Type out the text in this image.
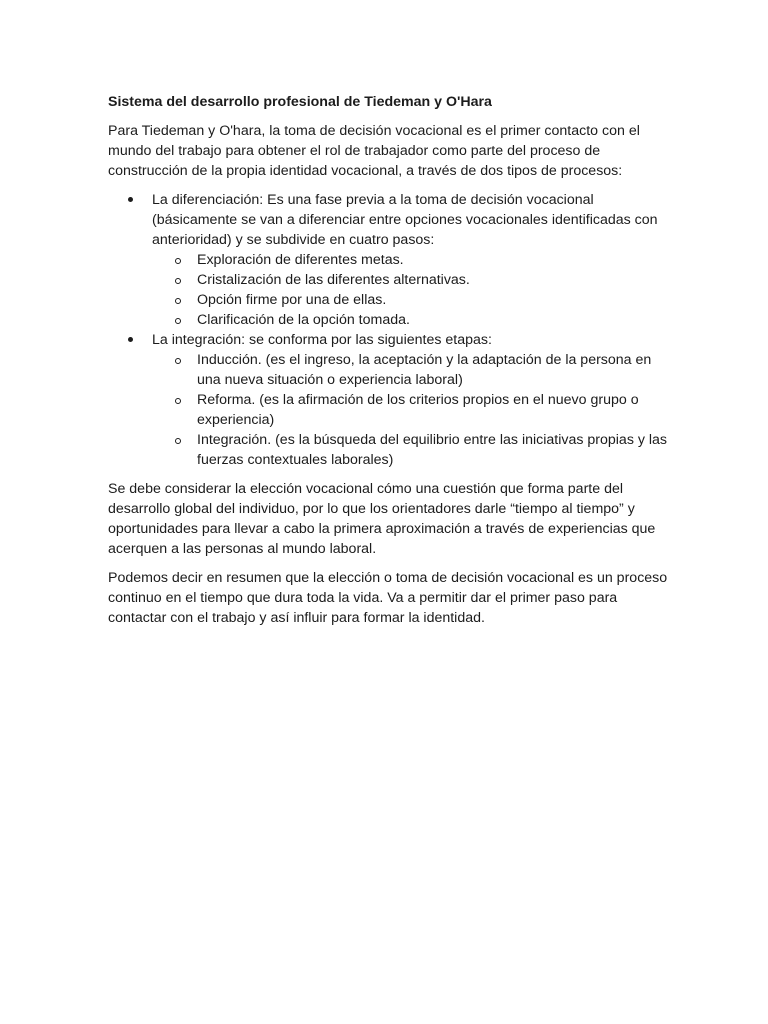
Sistema del desarrollo profesional de Tiedeman y O'Hara

Para Tiedeman y O'hara, la toma de decisión vocacional es el primer contacto con el mundo del trabajo para obtener el rol de trabajador como parte del proceso de construcción de la propia identidad vocacional, a través de dos tipos de procesos:

La diferenciación: Es una fase previa a la toma de decisión vocacional (básicamente se van a diferenciar entre opciones vocacionales identificadas con anterioridad) y se subdivide en cuatro pasos:
Exploración de diferentes metas.
Cristalización de las diferentes alternativas.
Opción firme por una de ellas.
Clarificación de la opción tomada.
La integración: se conforma por las siguientes etapas:
Inducción. (es el ingreso, la aceptación y la adaptación de la persona en una nueva situación o experiencia laboral)
Reforma. (es la afirmación de los criterios propios en el nuevo grupo o experiencia)
Integración. (es la búsqueda del equilibrio entre las iniciativas propias y las fuerzas contextuales laborales)

Se debe considerar la elección vocacional cómo una cuestión que forma parte del desarrollo global del individuo, por lo que los orientadores darle “tiempo al tiempo” y oportunidades para llevar a cabo la primera aproximación a través de experiencias que acerquen a las personas al mundo laboral.

Podemos decir en resumen que la elección o toma de decisión vocacional es un proceso continuo en el tiempo que dura toda la vida. Va a permitir dar el primer paso para contactar con el trabajo y así influir para formar la identidad.
